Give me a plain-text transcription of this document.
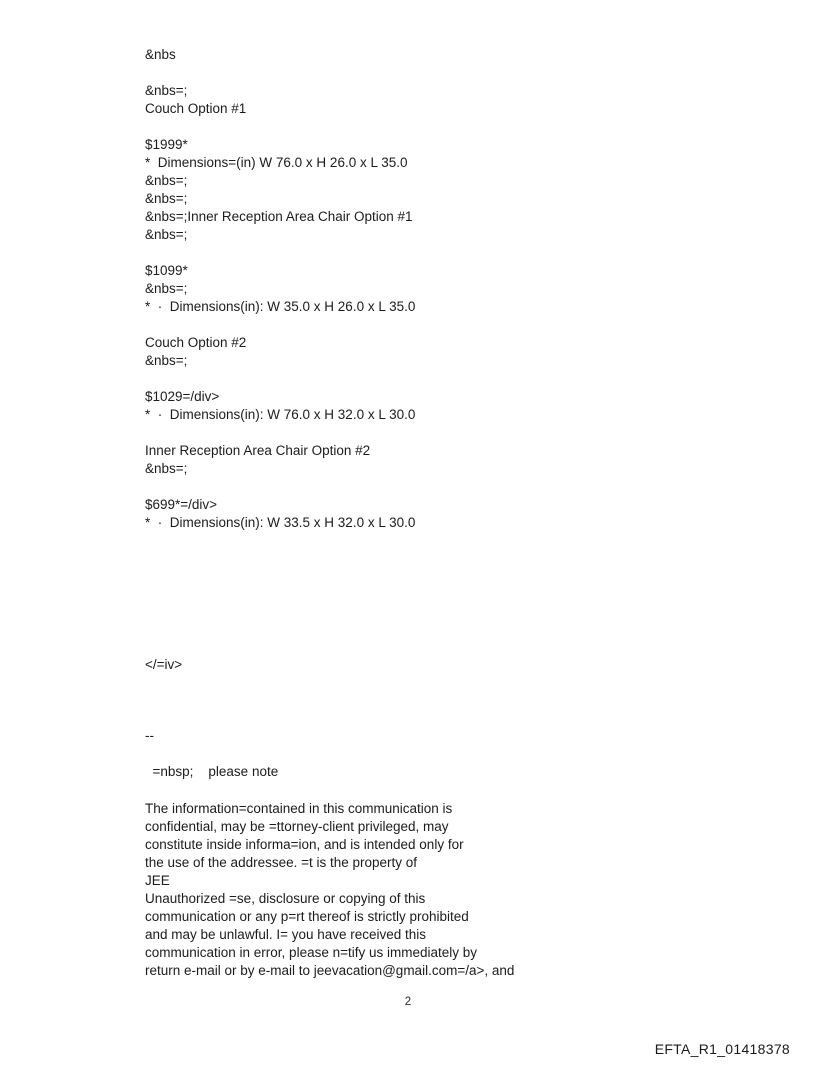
&nbs
&nbs=;
Couch Option #1
$1999*
*  Dimensions=(in) W 76.0 x H 26.0 x L 35.0
&nbs=;
&nbs=;
&nbs=;Inner Reception Area Chair Option #1
&nbs=;
$1099*
&nbs=;
*  ·  Dimensions(in): W 35.0 x H 26.0 x L 35.0
Couch Option #2
&nbs=;
$1029=/div>
*  ·  Dimensions(in): W 76.0 x H 32.0 x L 30.0
Inner Reception Area Chair Option #2
&nbs=;
$699*=/div>
*  ·  Dimensions(in): W 33.5 x H 32.0 x L 30.0
</=iv>
--
=nbsp;    please note
The information=contained in this communication is
confidential, may be =ttorney-client privileged, may
constitute inside informa=ion, and is intended only for
the use of the addressee. =t is the property of
JEE
Unauthorized =se, disclosure or copying of this
communication or any p=rt thereof is strictly prohibited
and may be unlawful. I= you have received this
communication in error, please n=tify us immediately by
return e-mail or by e-mail to jeevacation@gmail.com=/a>, and
2
EFTA_R1_01418378
